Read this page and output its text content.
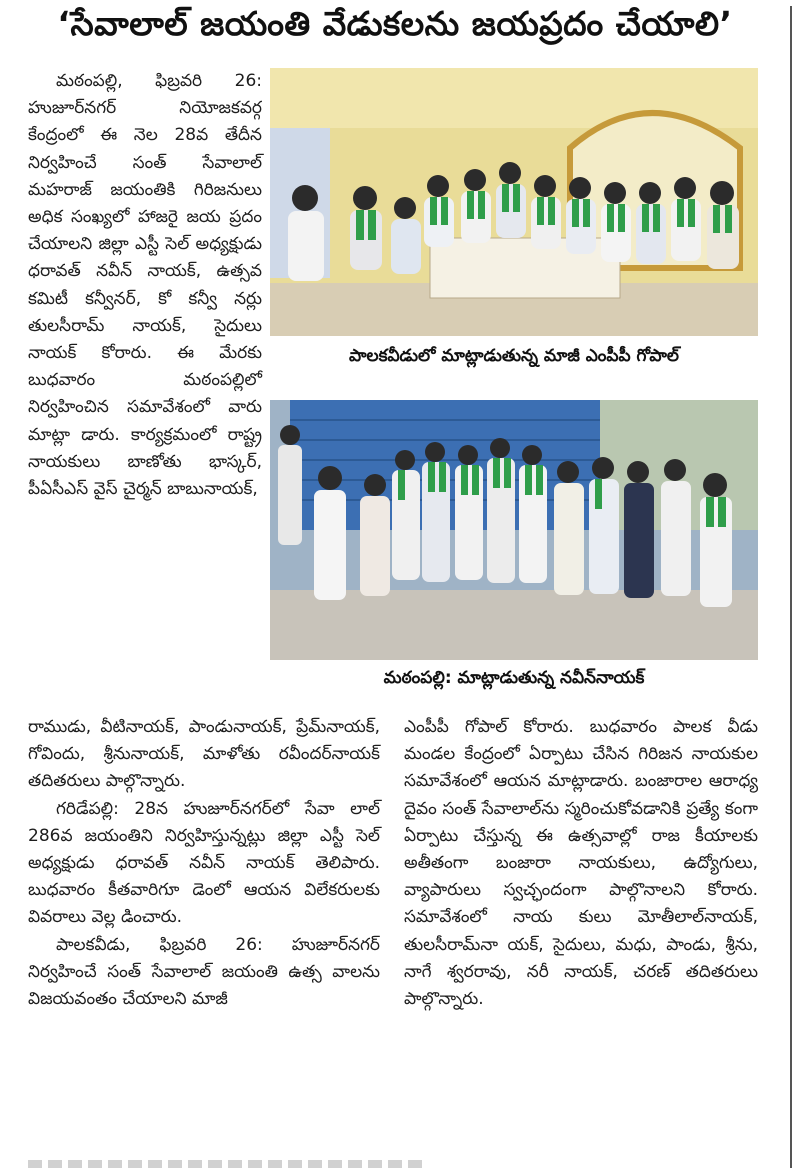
‘సేవాలాల్ జయంతి వేడుకలను జయప్రదం చేయాలి’

మఠంపల్లి, ఫిబ్రవరి 26: హుజూర్‌నగర్ నియోజకవర్గ కేంద్రంలో ఈ నెల 28వ తేదీన నిర్వహించే సంత్ సేవాలాల్ మహరాజ్ జయంతికి గిరిజనులు అధిక సంఖ్యలో హాజరై జయ ప్రదం చేయాలని జిల్లా ఎస్టీ సెల్ అధ్యక్షుడు ధరావత్ నవీన్ నాయక్, ఉత్సవ కమిటీ కన్వీనర్, కో కన్వీ నర్లు తులసీరామ్ నాయక్, సైదులు నాయక్ కోరారు. ఈ మేరకు బుధవారం మఠంపల్లిలో నిర్వహించిన సమావేశంలో వారు మాట్లా డారు. కార్యక్రమంలో రాష్ట్ర నాయకులు బాణోతు భాస్కర్, పీఏసీఎస్ వైస్ చైర్మన్ బాబునాయక్,

పాలకవీడులో మాట్లాడుతున్న మాజీ ఎంపీపీ గోపాల్
మఠంపల్లి: మాట్లాడుతున్న నవీన్‌నాయక్

రాముడు, వీటినాయక్, పాండునాయక్, ప్రేమ్‌నాయక్, గోవిందు, శ్రీనునాయక్, మాళోతు రవీందర్‌నాయక్ తదితరులు పాల్గొన్నారు.

గరిడేపల్లి: 28న హుజూర్‌నగర్‌లో సేవా లాల్ 286వ జయంతిని నిర్వహిస్తున్నట్లు జిల్లా ఎస్టీ సెల్ అధ్యక్షుడు ధరావత్ నవీన్ నాయక్ తెలిపారు. బుధవారం కీతవారిగూ డెంలో ఆయన విలేకరులకు వివరాలు వెల్ల డించారు.

పాలకవీడు, ఫిబ్రవరి 26: హుజూర్‌నగర్ నిర్వహించే సంత్ సేవాలాల్ జయంతి ఉత్స వాలను విజయవంతం చేయాలని మాజీ

ఎంపీపీ గోపాల్ కోరారు. బుధవారం పాలక వీడు మండల కేంద్రంలో ఏర్పాటు చేసిన గిరిజన నాయకుల సమావేశంలో ఆయన మాట్లాడారు. బంజారాల ఆరాధ్య దైవం సంత్ సేవాలాల్‌ను స్మరించుకోవడానికి ప్రత్యే కంగా ఏర్పాటు చేస్తున్న ఈ ఉత్సవాల్లో రాజ కీయాలకు అతీతంగా బంజారా నాయకులు, ఉద్యోగులు, వ్యాపారులు స్వచ్ఛందంగా పాల్గొనాలని కోరారు. సమావేశంలో నాయ కులు మోతీలాల్‌నాయక్, తులసీరామ్‌నా యక్, సైదులు, మధు, పాండు, శ్రీను, నాగే శ్వరరావు, నరీ నాయక్, చరణ్ తదితరులు పాల్గొన్నారు.
